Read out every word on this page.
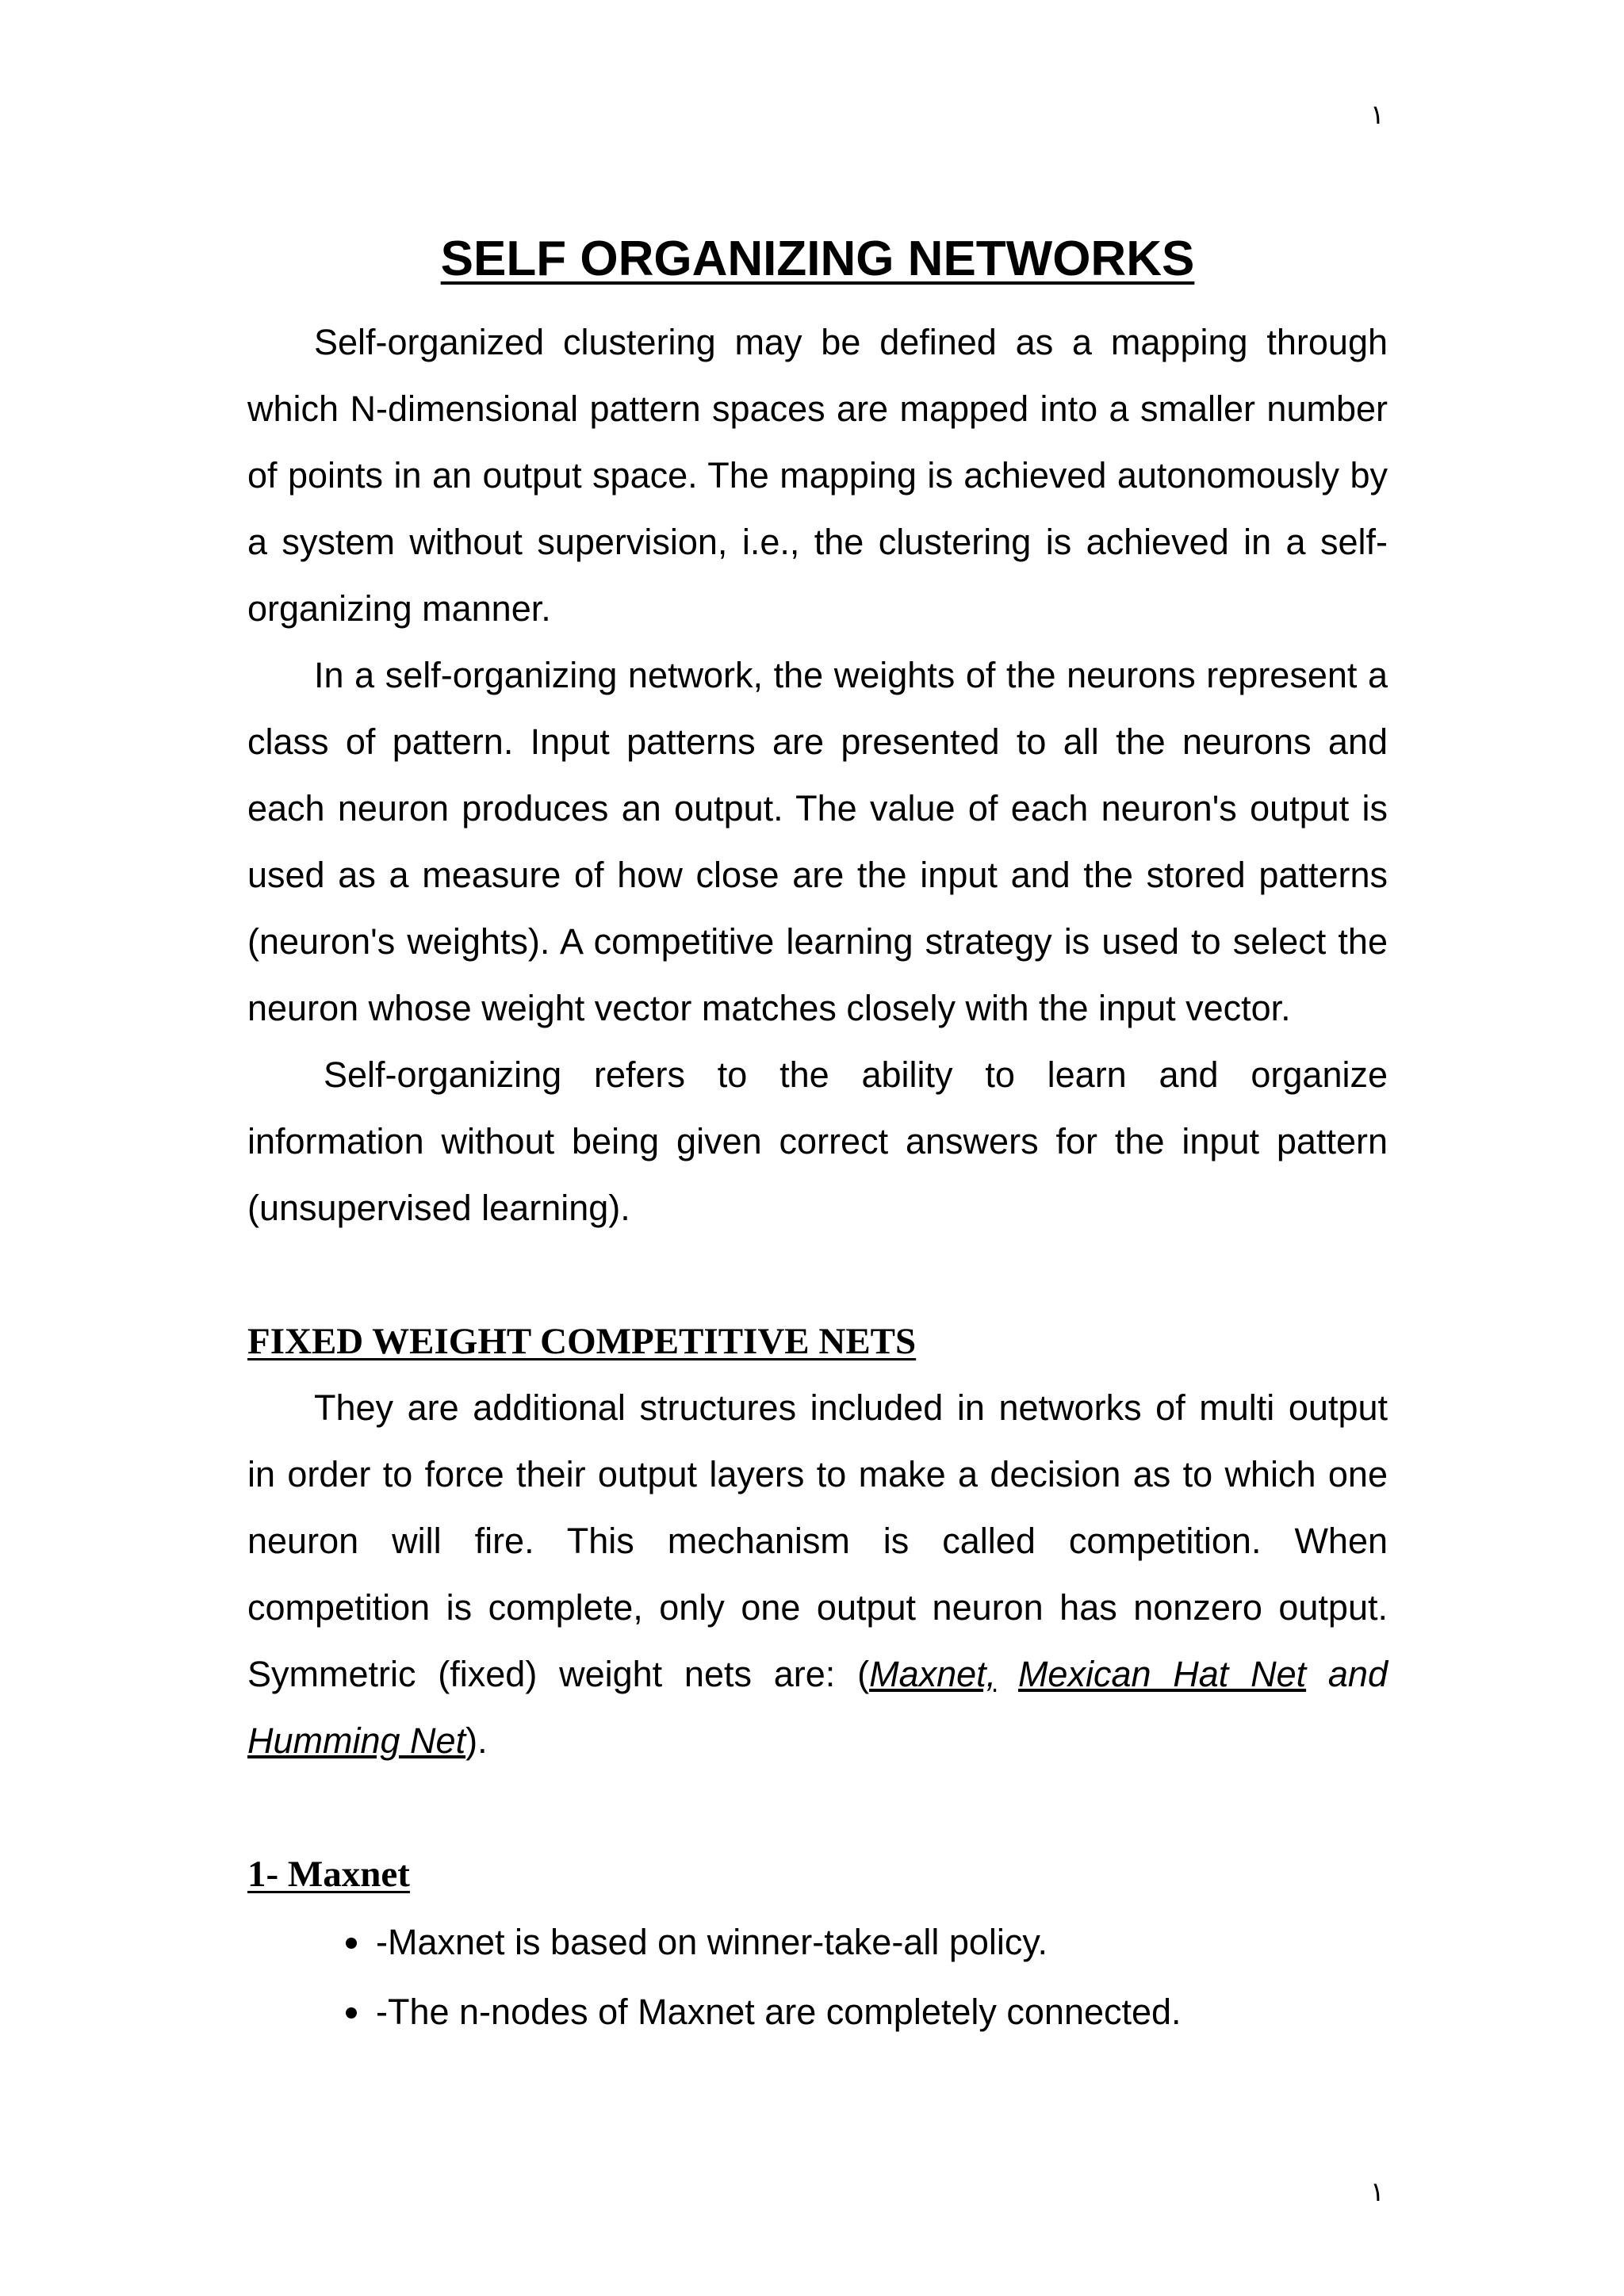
١
SELF ORGANIZING NETWORKS

Self-organized clustering may be defined as a mapping through which N-dimensional pattern spaces are mapped into a smaller number of points in an output space. The mapping is achieved autonomously by a system without supervision, i.e., the clustering is achieved in a self-organizing manner.

In a self-organizing network, the weights of the neurons represent a class of pattern. Input patterns are presented to all the neurons and each neuron produces an output. The value of each neuron's output is used as a measure of how close are the input and the stored patterns (neuron's weights). A competitive learning strategy is used to select the neuron whose weight vector matches closely with the input vector.

Self-organizing refers to the ability to learn and organize information without being given correct answers for the input pattern (unsupervised learning).

FIXED WEIGHT COMPETITIVE NETS

They are additional structures included in networks of multi output in order to force their output layers to make a decision as to which one neuron will fire. This mechanism is called competition. When competition is complete, only one output neuron has nonzero output. Symmetric (fixed) weight nets are: (Maxnet, Mexican Hat Net and Humming Net).

1- Maxnet
-Maxnet is based on winner-take-all policy.
-The n-nodes of Maxnet are completely connected.
١
